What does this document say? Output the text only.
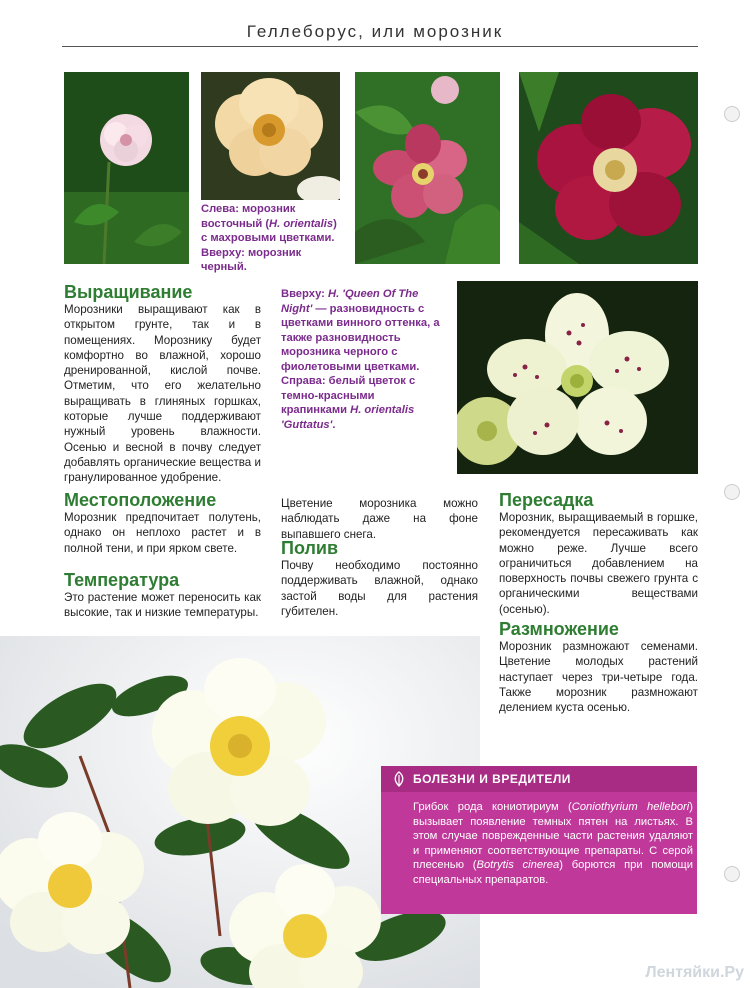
Геллеборус, или морозник
Слева: морозник восточный (H. orientalis) с махровыми цветками. Вверху: морозник черный.
Вверху: H. 'Queen Of The Night' — разновидность с цветками винного оттенка, а также разновидность морозника черного с фиолетовыми цветками. Справа: белый цветок с темно-красными крапинками H. orientalis 'Guttatus'.
Выращивание
Морозники выращивают как в открытом грунте, так и в помещениях. Морознику будет комфортно во влажной, хорошо дренированной, кислой почве. Отметим, что его желательно выращивать в глиняных горшках, которые лучше поддерживают нужный уровень влажности. Осенью и весной в почву следует добавлять органические вещества и гранулированное удобрение.
Местоположение
Морозник предпочитает полутень, однако он неплохо растет и в полной тени, и при ярком свете.
Температура
Это растение может переносить как высокие, так и низкие температуры.
Цветение морозника можно наблюдать даже на фоне выпавшего снега.
Полив
Почву необходимо постоянно поддерживать влажной, однако застой воды для растения губителен.
Пересадка
Морозник, выращиваемый в горшке, рекомендуется пересаживать как можно реже. Лучше всего ограничиться добавлением на поверхность почвы свежего грунта с органическими веществами (осенью).
Размножение
Морозник размножают семенами. Цветение молодых растений наступает через три-четыре года. Также морозник размножают делением куста осенью.
БОЛЕЗНИ И ВРЕДИТЕЛИ
Грибок рода кониотириум (Coniothyrium hellebori) вызывает появление темных пятен на листьях. В этом случае поврежденные части растения удаляют и применяют соответствующие препараты. С серой плесенью (Botrytis cinerea) борются при помощи специальных препаратов.
Лентяйки.Ру
